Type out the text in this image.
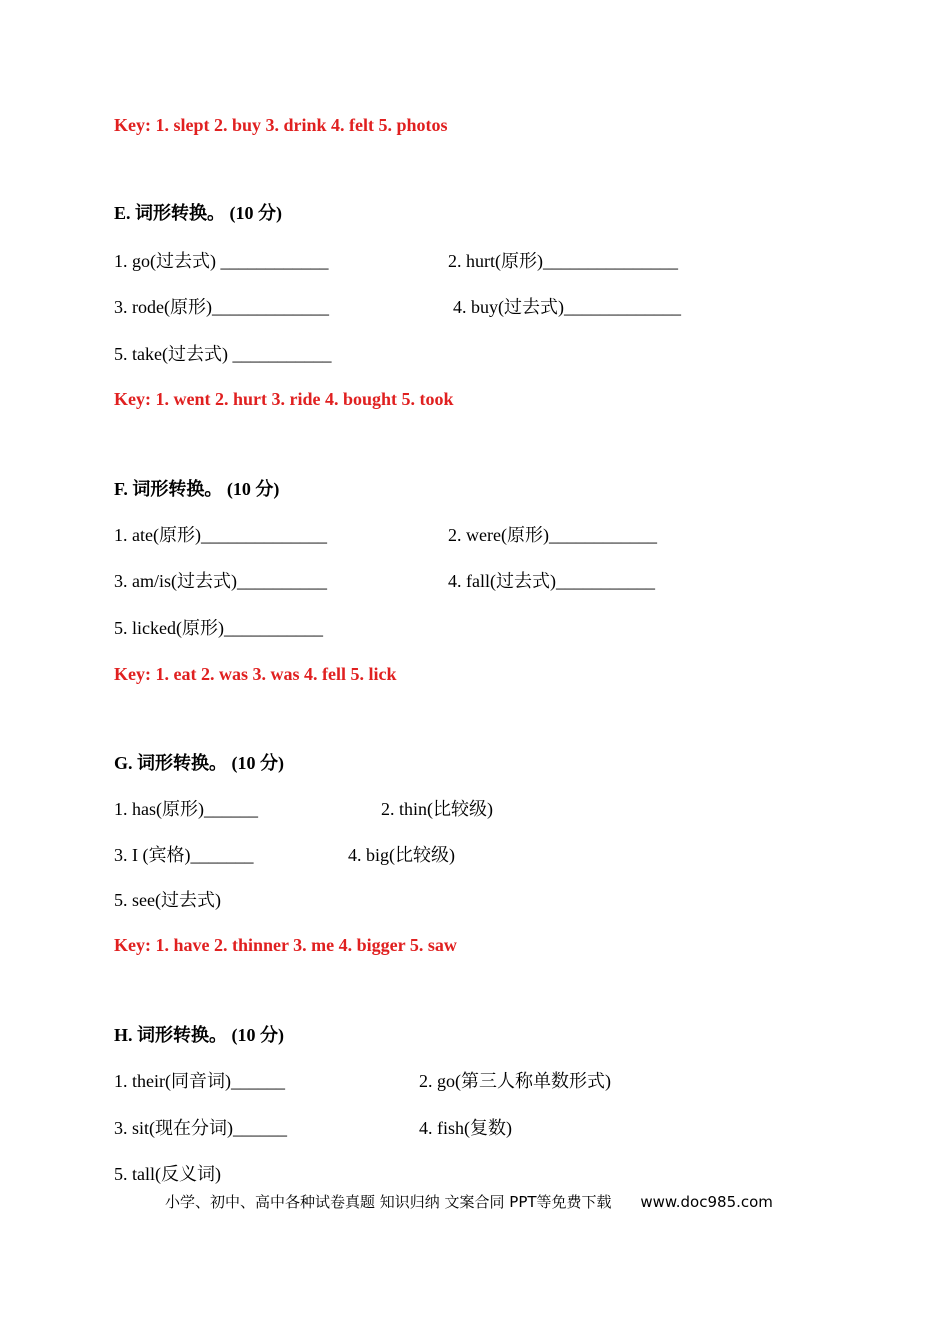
Key: 1. slept 2. buy 3. drink 4. felt 5. photos
E. 词形转换。 (10 分)
1. go(过去式) ____________	2. hurt(原形)_______________
3. rode(原形)_____________	4. buy(过去式)_____________
5. take(过去式) ___________
Key: 1. went 2. hurt 3. ride 4. bought 5. took
F. 词形转换。 (10 分)
1. ate(原形)______________	2. were(原形)____________
3. am/is(过去式)__________	4. fall(过去式)___________
5. licked(原形)___________
Key: 1. eat 2. was 3. was 4. fell 5. lick
G. 词形转换。 (10 分)
1. has(原形)______	2. thin(比较级)
3. I (宾格)_______	4. big(比较级)
5. see(过去式)
Key: 1. have 2. thinner 3. me 4. bigger 5. saw
H. 词形转换。 (10 分)
1. their(同音词)______	2. go(第三人称单数形式)
3. sit(现在分词)______	4. fish(复数)
5. tall(反义词)
小学、初中、高中各种试卷真题 知识归纳 文案合同 PPT等免费下载 www.doc985.com
